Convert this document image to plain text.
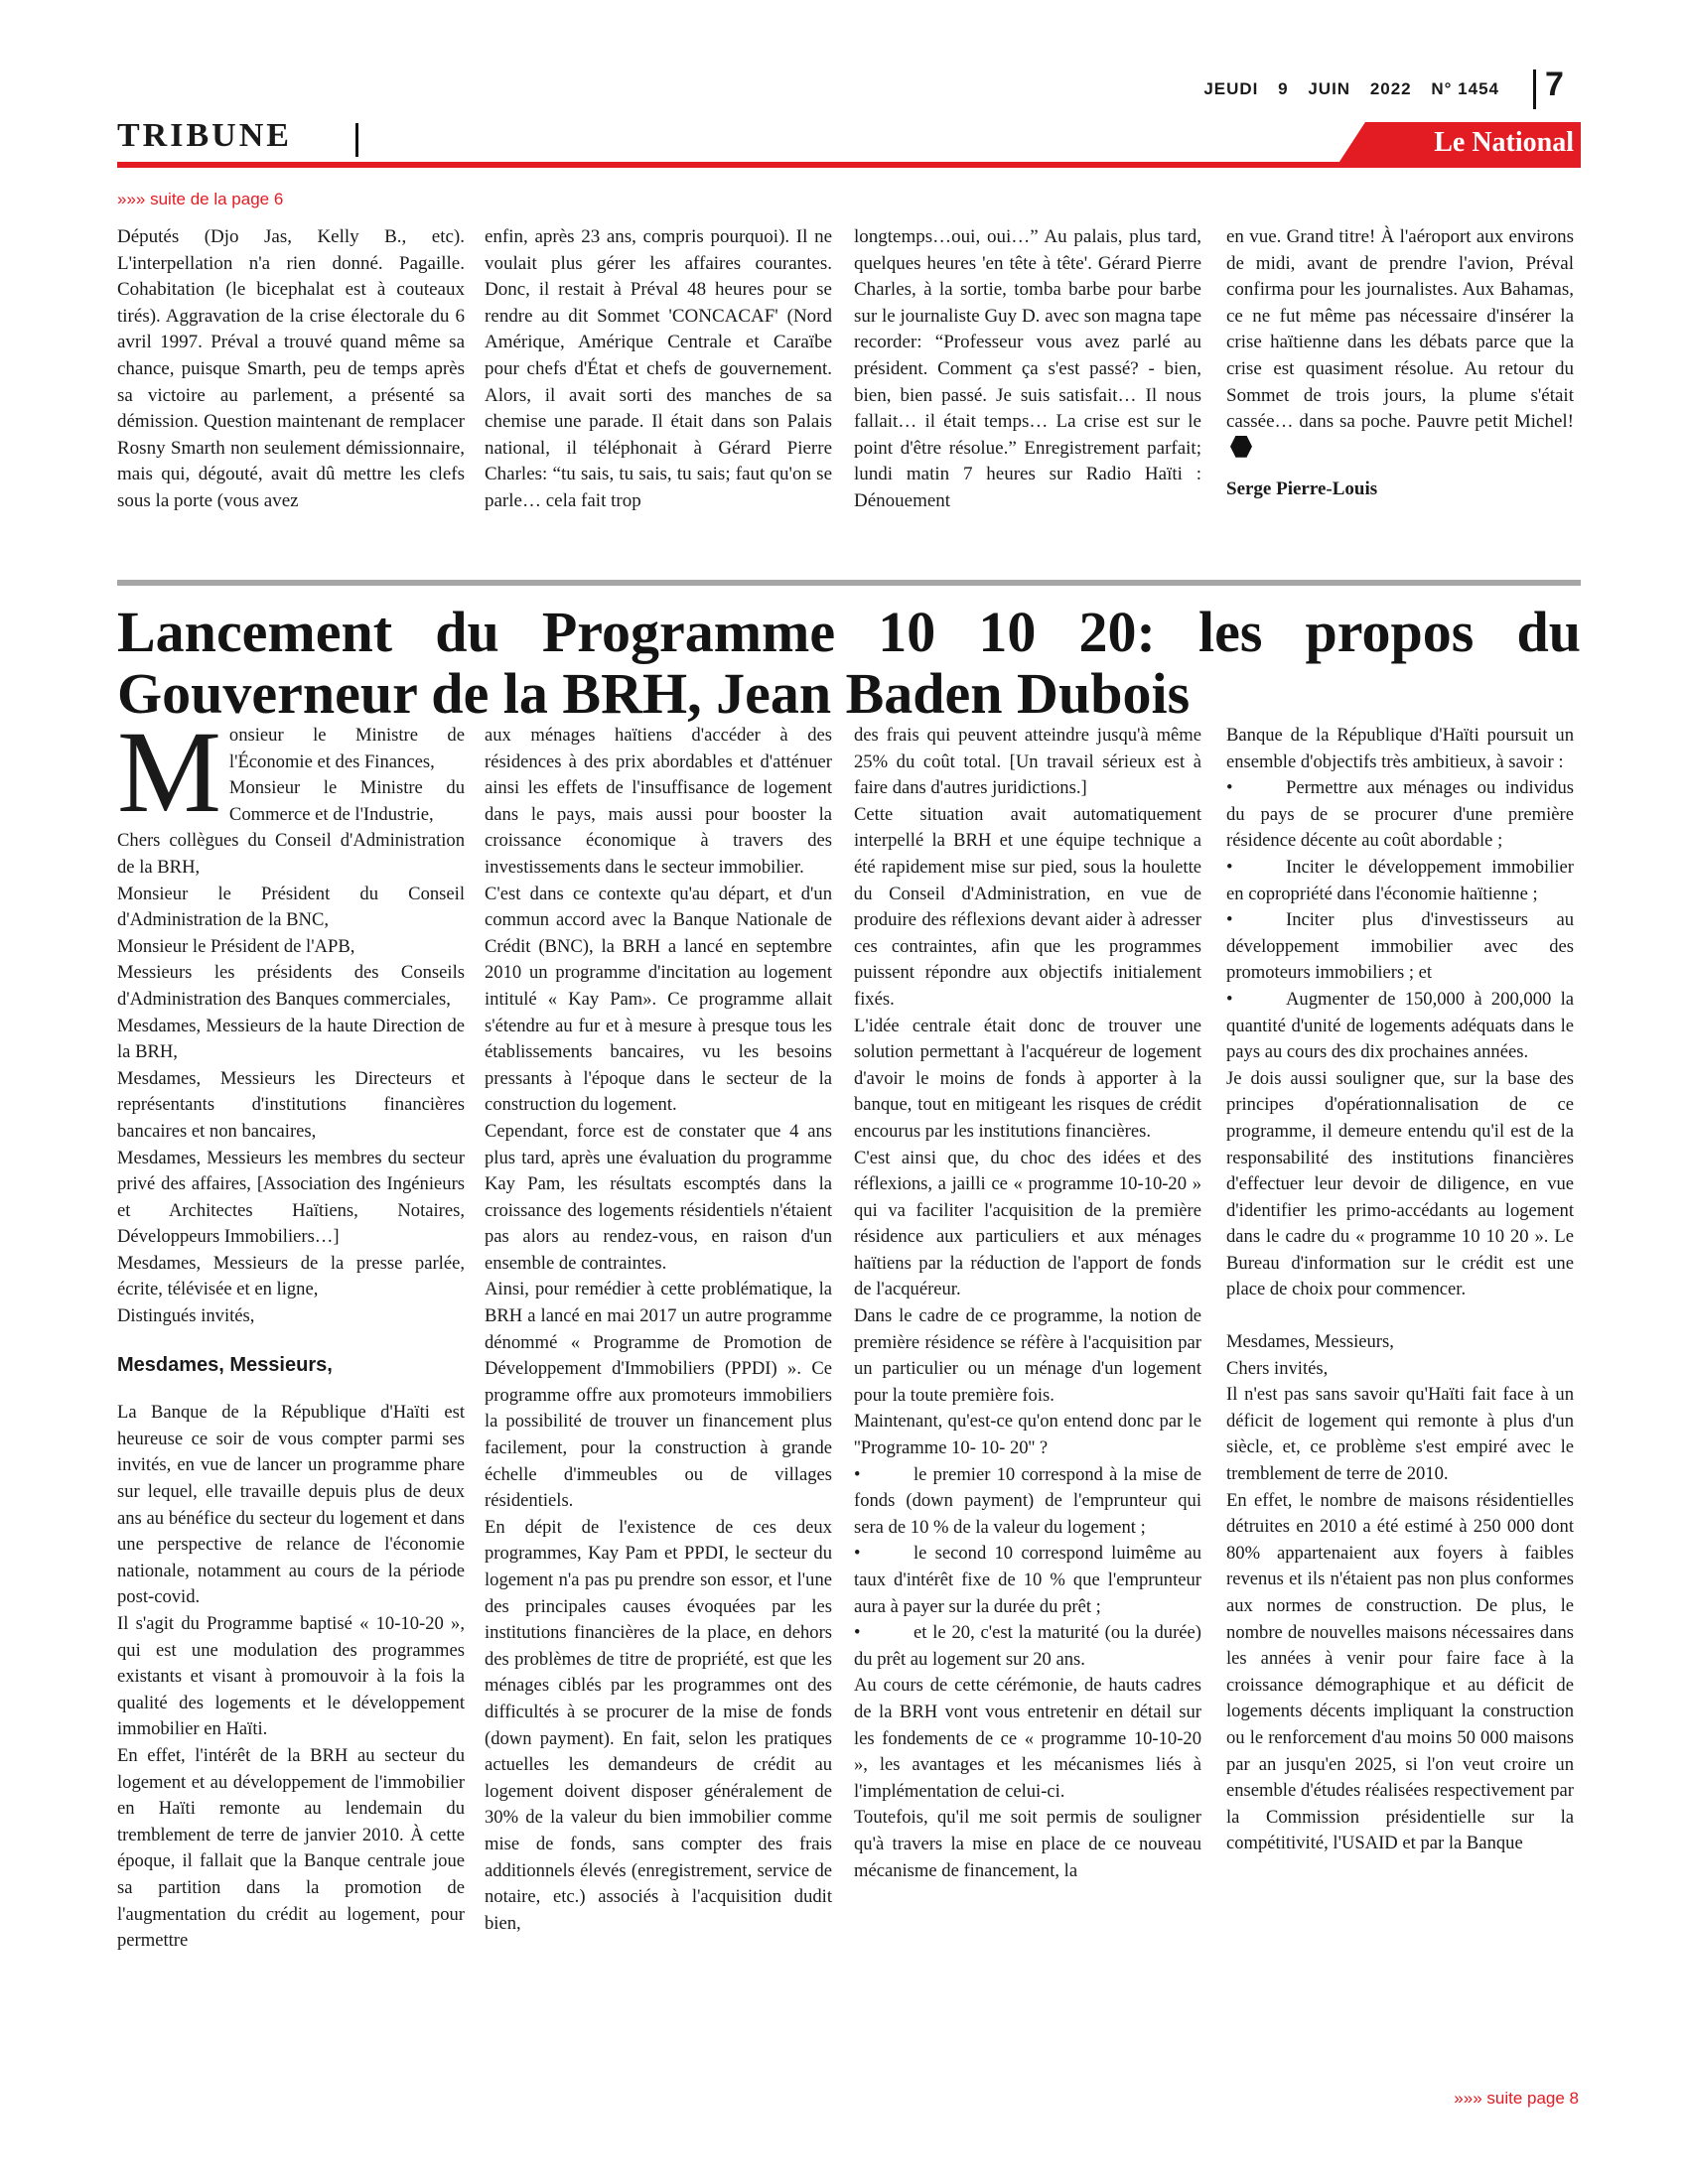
JEUDI 9 JUIN 2022 N° 1454 7
TRIBUNE	Le National
»»» suite de la page 6

Députés (Djo Jas, Kelly B., etc). L'interpellation n'a rien donné. Pagaille. Cohabitation (le bicephalat est à couteaux tirés). Aggravation de la crise électorale du 6 avril 1997. Préval a trouvé quand même sa chance, puisque Smarth, peu de temps après sa victoire au parlement, a présenté sa démission. Question maintenant de remplacer Rosny Smarth non seulement démissionnaire, mais qui, dégouté, avait dû mettre les clefs sous la porte (vous avez

enfin, après 23 ans, compris pourquoi). Il ne voulait plus gérer les affaires courantes. Donc, il restait à Préval 48 heures pour se rendre au dit Sommet 'CONCACAF' (Nord Amérique, Amérique Centrale et Caraïbe pour chefs d'État et chefs de gouvernement. Alors, il avait sorti des manches de sa chemise une parade. Il était dans son Palais national, il téléphonait à Gérard Pierre Charles: “tu sais, tu sais, tu sais; faut qu'on se parle… cela fait trop

longtemps…oui, oui…” Au palais, plus tard, quelques heures 'en tête à tête'. Gérard Pierre Charles, à la sortie, tomba barbe pour barbe sur le journaliste Guy D. avec son magna tape recorder: “Professeur vous avez parlé au président. Comment ça s'est passé? - bien, bien, bien passé. Je suis satisfait… Il nous fallait… il était temps… La crise est sur le point d'être résolue.” Enregistrement parfait; lundi matin 7 heures sur Radio Haïti : Dénouement

en vue. Grand titre! À l'aéroport aux environs de midi, avant de prendre l'avion, Préval confirma pour les journalistes. Aux Bahamas, ce ne fut même pas nécessaire d'insérer la crise haïtienne dans les débats parce que la crise est quasiment résolue. Au retour du Sommet de trois jours, la plume s'était cassée… dans sa poche. Pauvre petit Michel!

Serge Pierre-Louis

Lancement du Programme 10 10 20: les propos du Gouverneur de la BRH, Jean Baden Dubois

Monsieur le Ministre de l'Économie et des Finances,

Monsieur le Ministre du Commerce et de l'Industrie,

Chers collègues du Conseil d'Administration de la BRH,

Monsieur le Président du Conseil d'Administration de la BNC,

Monsieur le Président de l'APB,

Messieurs les présidents des Conseils d'Administration des Banques commerciales,

Mesdames, Messieurs de la haute Direction de la BRH,

Mesdames, Messieurs les Directeurs et représentants d'institutions financières bancaires et non bancaires,

Mesdames, Messieurs les membres du secteur privé des affaires, [Association des Ingénieurs et Architectes Haïtiens, Notaires, Développeurs Immobiliers…]

Mesdames, Messieurs de la presse parlée, écrite, télévisée et en ligne,

Distingués invités,

Mesdames, Messieurs,

La Banque de la République d'Haïti est heureuse ce soir de vous compter parmi ses invités, en vue de lancer un programme phare sur lequel, elle travaille depuis plus de deux ans au bénéfice du secteur du logement et dans une perspective de relance de l'économie nationale, notamment au cours de la période post-covid.

Il s'agit du Programme baptisé « 10-10-20 », qui est une modulation des programmes existants et visant à promouvoir à la fois la qualité des logements et le développement immobilier en Haïti.

En effet, l'intérêt de la BRH au secteur du logement et au développement de l'immobilier en Haïti remonte au lendemain du tremblement de terre de janvier 2010. À cette époque, il fallait que la Banque centrale joue sa partition dans la promotion de l'augmentation du crédit au logement, pour permettre

aux ménages haïtiens d'accéder à des résidences à des prix abordables et d'atténuer ainsi les effets de l'insuffisance de logement dans le pays, mais aussi pour booster la croissance économique à travers des investissements dans le secteur immobilier.

C'est dans ce contexte qu'au départ, et d'un commun accord avec la Banque Nationale de Crédit (BNC), la BRH a lancé en septembre 2010 un programme d'incitation au logement intitulé « Kay Pam». Ce programme allait s'étendre au fur et à mesure à presque tous les établissements bancaires, vu les besoins pressants à l'époque dans le secteur de la construction du logement.

Cependant, force est de constater que 4 ans plus tard, après une évaluation du programme Kay Pam, les résultats escomptés dans la croissance des logements résidentiels n'étaient pas alors au rendez-vous, en raison d'un ensemble de contraintes.

Ainsi, pour remédier à cette problématique, la BRH a lancé en mai 2017 un autre programme dénommé « Programme de Promotion de Développement d'Immobiliers (PPDI) ». Ce programme offre aux promoteurs immobiliers la possibilité de trouver un financement plus facilement, pour la construction à grande échelle d'immeubles ou de villages résidentiels.

En dépit de l'existence de ces deux programmes, Kay Pam et PPDI, le secteur du logement n'a pas pu prendre son essor, et l'une des principales causes évoquées par les institutions financières de la place, en dehors des problèmes de titre de propriété, est que les ménages ciblés par les programmes ont des difficultés à se procurer de la mise de fonds (down payment). En fait, selon les pratiques actuelles les demandeurs de crédit au logement doivent disposer généralement de 30% de la valeur du bien immobilier comme mise de fonds, sans compter des frais additionnels élevés (enregistrement, service de notaire, etc.) associés à l'acquisition dudit bien,

des frais qui peuvent atteindre jusqu'à même 25% du coût total. [Un travail sérieux est à faire dans d'autres juridictions.]

Cette situation avait automatiquement interpellé la BRH et une équipe technique a été rapidement mise sur pied, sous la houlette du Conseil d'Administration, en vue de produire des réflexions devant aider à adresser ces contraintes, afin que les programmes puissent répondre aux objectifs initialement fixés.

L'idée centrale était donc de trouver une solution permettant à l'acquéreur de logement d'avoir le moins de fonds à apporter à la banque, tout en mitigeant les risques de crédit encourus par les institutions financières.

C'est ainsi que, du choc des idées et des réflexions, a jailli ce « programme 10-10-20 » qui va faciliter l'acquisition de la première résidence aux particuliers et aux ménages haïtiens par la réduction de l'apport de fonds de l'acquéreur.

Dans le cadre de ce programme, la notion de première résidence se réfère à l'acquisition par un particulier ou un ménage d'un logement pour la toute première fois.

Maintenant, qu'est-ce qu'on entend donc par le ''Programme 10- 10- 20'' ?

•	le premier 10 correspond à la mise de fonds (down payment) de l'emprunteur qui sera de 10 % de la valeur du logement ;

•	le second 10 correspond luimême au taux d'intérêt fixe de 10 % que l'emprunteur aura à payer sur la durée du prêt ;

•	et le 20, c'est la maturité (ou la durée) du prêt au logement sur 20 ans.

Au cours de cette cérémonie, de hauts cadres de la BRH vont vous entretenir en détail sur les fondements de ce « programme 10-10-20 », les avantages et les mécanismes liés à l'implémentation de celui-ci.

Toutefois, qu'il me soit permis de souligner qu'à travers la mise en place de ce nouveau mécanisme de financement, la

Banque de la République d'Haïti poursuit un ensemble d'objectifs très ambitieux, à savoir :

•	Permettre aux ménages ou individus du pays de se procurer d'une première résidence décente au coût abordable ;

•	Inciter le développement immobilier en copropriété dans l'économie haïtienne ;

•	Inciter plus d'investisseurs au développement immobilier avec des promoteurs immobiliers ; et

•	Augmenter de 150,000 à 200,000 la quantité d'unité de logements adéquats dans le pays au cours des dix prochaines années.

Je dois aussi souligner que, sur la base des principes d'opérationnalisation de ce programme, il demeure entendu qu'il est de la responsabilité des institutions financières d'effectuer leur devoir de diligence, en vue d'identifier les primo-accédants au logement dans le cadre du « programme 10 10 20 ». Le Bureau d'information sur le crédit est une place de choix pour commencer.

Mesdames, Messieurs,

Chers invités,

Il n'est pas sans savoir qu'Haïti fait face à un déficit de logement qui remonte à plus d'un siècle, et, ce problème s'est empiré avec le tremblement de terre de 2010.

En effet, le nombre de maisons résidentielles détruites en 2010 a été estimé à 250 000 dont 80% appartenaient aux foyers à faibles revenus et ils n'étaient pas non plus conformes aux normes de construction. De plus, le nombre de nouvelles maisons nécessaires dans les années à venir pour faire face à la croissance démographique et au déficit de logements décents impliquant la construction ou le renforcement d'au moins 50 000 maisons par an jusqu'en 2025, si l'on veut croire un ensemble d'études réalisées respectivement par la Commission présidentielle sur la compétitivité, l'USAID et par la Banque

»»» suite page 8
